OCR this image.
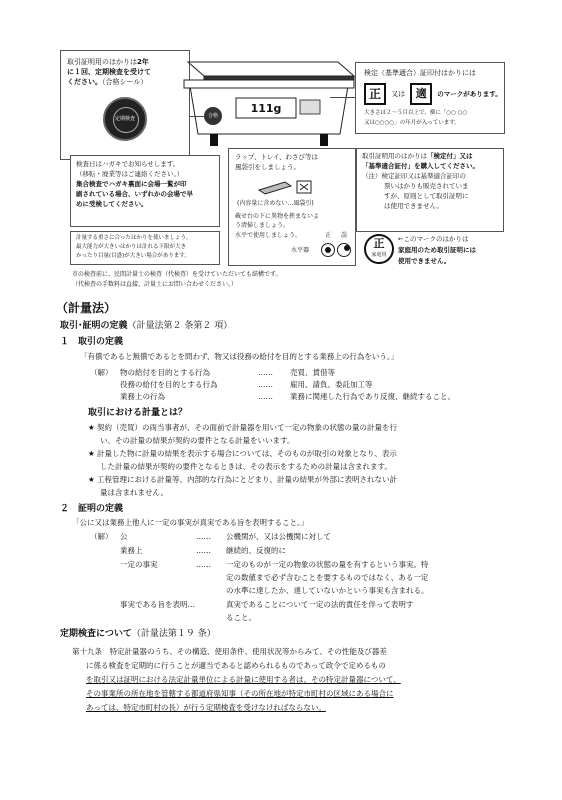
取引証明用のはかりは2年
に１回、定期検査を受けて
ください。（合格シール）
定期検査
111g
合格
検定（基準適合）証印付はかりには
正 又は 適 のマークがあります。
大きさは２～５目以上で、横に「○○ ○○
又は○○○○」の年月が入っています。
検査日はハガキでお知らせします。
（移転・廃業等はご連絡ください。）
集合検査でハガキ裏面に会場一覧が印
刷されている場合、いずれかの会場で早
めに受検してください。
計量する重さに合ったはかりを使いましょう。
最大能力が大きいはかりは計れる下限が大き
かったり目量(目盛)が大きい場合があります。
ラップ、トレイ、わさび等は
風袋引をしましょう。
(内容量に含めない…風袋引)
載せ台の下に異物を挟まないよ
う清掃しましょう。
水平で使用しましょう。	正 誤
水平器
取引証明用のはかりは「検定付」又は
「基準適合証付」を購入してください。
（注）検定証印又は基準適合証印の
票いはかりも販売されていま
すが、原則として取引証明に
は使用できません。
正
家庭用
←このマークのはかりは
家庭用のため取引証明には
使用できません。
市の検査前に、民間計量士の検査（代検査）を受けていただいても結構です。
（代検査の手数料は直接、計量士にお問い合わせください。）
（計量法）
取引･証明の定義（計量法第２ 条第２ 項）
１ 取引の定義
「有償であると無償であるとを問わず、物又は役務の給付を目的とする業務上の行為をいう。」
（解） 物の給付を目的とする行為	…… 売買、賃借等
役務の給付を目的とする行為	…… 雇用、請負、委託加工等
業務上の行為	…… 業務に関連した行為であり反復、継続すること。
取引における計量とは？
★ 契約（売買）の両当事者が、その面前で計量器を用いて一定の物象の状態の量の計量を行
い、その計量の結果が契約の要件となる計量をいいます。
★ 計量した物に計量の結果を表示する場合については、そのものが取引の対象となり、表示
した計量の結果が契約の要件となるときは、その表示をするための計量は含まれます。
★ 工程管理における計量等、内部的な行為にとどまり、計量の結果が外部に表明されない計
量は含まれません。
２ 証明の定義
「公に又は業務上他人に一定の事実が真実である旨を表明すること。」
（解） 公	…… 公機関が、又は公機関に対して
業務上	…… 継続的、反復的に
一定の事実	…… 一定のものが一定の物象の状態の量を有するという事実。特
定の数値まで必ず含むことを要するものではなく、ある一定
の水準に達したか、達していないかという事実も含まれる。
事実である旨を表明…	真実であることについて一定の法的責任を伴って表明す
ること。
定期検査について（計量法第１９ 条）
第十九条　特定計量器のうち、その構造、使用条件、使用状況等からみて、その性能及び器差
に係る検査を定期的に行うことが適当であると認められるものであって政令で定めるもの
を取引又は証明における法定計量単位による計量に使用する者は、その特定計量器について、
その事業所の所在地を管轄する都道府県知事（その所在地が特定市町村の区域にある場合に
あっては、特定市町村の長）が行う定期検査を受けなければならない。
